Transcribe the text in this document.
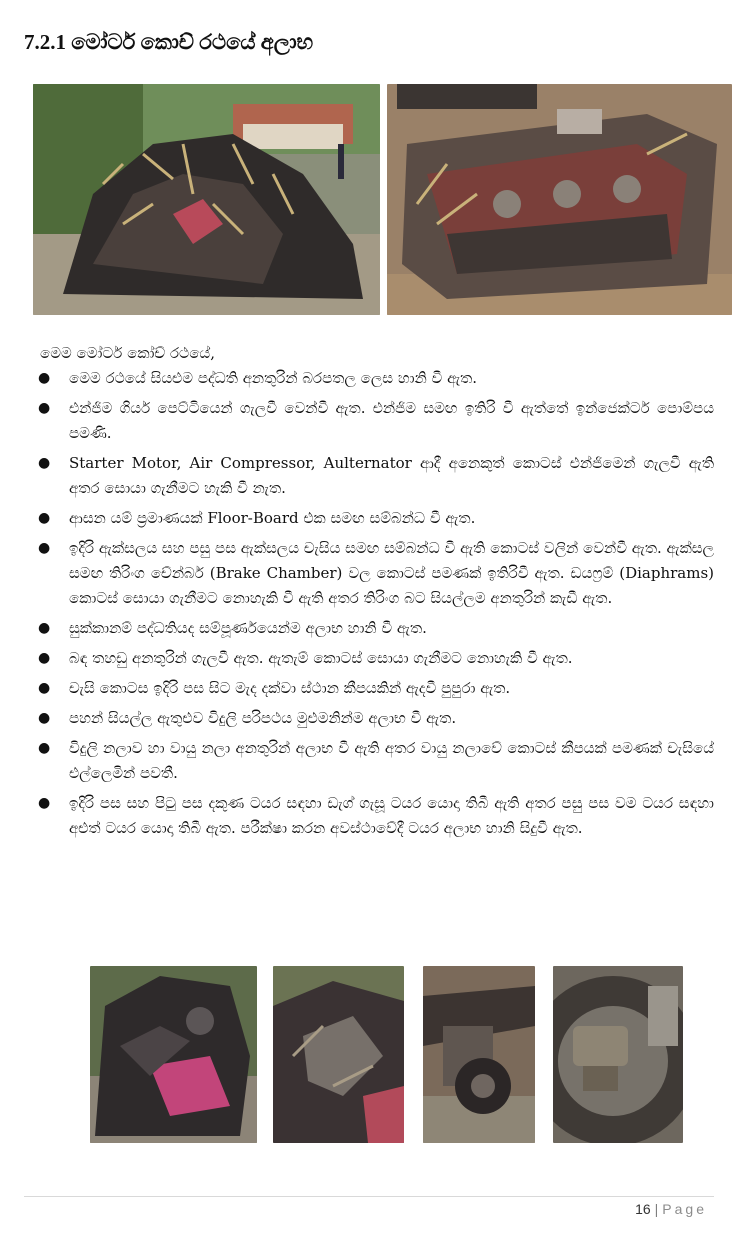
7.2.1 මෝටර් කොච් රථයේ අලාභ
මෙම මෝටර් කෝච් රථයේ,
● මෙම රථයේ සියළුම පද්ධති අනතුරින් බරපතල ලෙස හානි වී ඇත.
● එන්ජිම ගියර් පෙට්ටියෙන් ගැලවී වෙන්වී ඇත. එන්ජිම සමඟ ඉතිරි වී ඇත්තේ ඉන්ජෙක්ටර් පොම්පය පමණි.
● Starter Motor, Air Compressor, Aulternator ආදී අනෙකුත් කොටස් එන්ජිමෙන් ගැලවී ඇති අතර සොයා ගැනීමට හැකි වී නැත.
● ආසන යම් ප්‍රමාණයක් Floor-Board එක සමඟ සම්බන්ධ වී ඇත.
● ඉදිරි ඇක්සලය සහ පසු පස ඇක්සලය චැසිය සමඟ සම්බන්ධ වී ඇති කොටස් වලින් වෙන්වී ඇත. ඇක්සල සමඟ තිරිංග චේන්බර් (Brake Chamber) වල කොටස් පමණක් ඉතිරිවී ඇත. ඩයෆ්‍රම් (Diaphrams) කොටස් සොයා ගැනීමට නොහැකි වී ඇති අතර තිරිංග බට සියල්ලම අනතුරින් කැඩී ඇත.
● සුක්කානම් පද්ධතියද සම්පූර්ණයෙන්ම අලාභ හානි වී ඇත.
● බඳ තහඩු අනතුරින් ගැලවී ඇත. ඇතැම් කොටස් සොයා ගැනීමට නොහැකි වී ඇත.
● චැසි කොටස ඉදිරි පස සිට මැද දක්වා ස්ථාන කීපයකින් ඇදවී පුපුරා ඇත.
● පහන් සියල්ල ඇතුළුව විදුලි පරිපථය මුළුමනින්ම අලාභ වී ඇත.
● විදුලි නලාව හා වායු නලා අනතුරින් අලාභ වී ඇති අතර වායු නලාවේ කොටස් කීපයක් පමණක් චැසියේ එල්ලෙමින් පවතී.
● ඉදිරි පස සහ පිටු පස දකුණ ටයර සඳහා ඩැග් ගැසූ ටයර යොදා තිබී ඇති අතර පසු පස වම ටයර සඳහා අළුත් ටයර යොදා තිබී ඇත. පරීක්ෂා කරන අවස්ථාවේදී ටයර අලාභ හානි සිදුවී ඇත.
16 | Page
